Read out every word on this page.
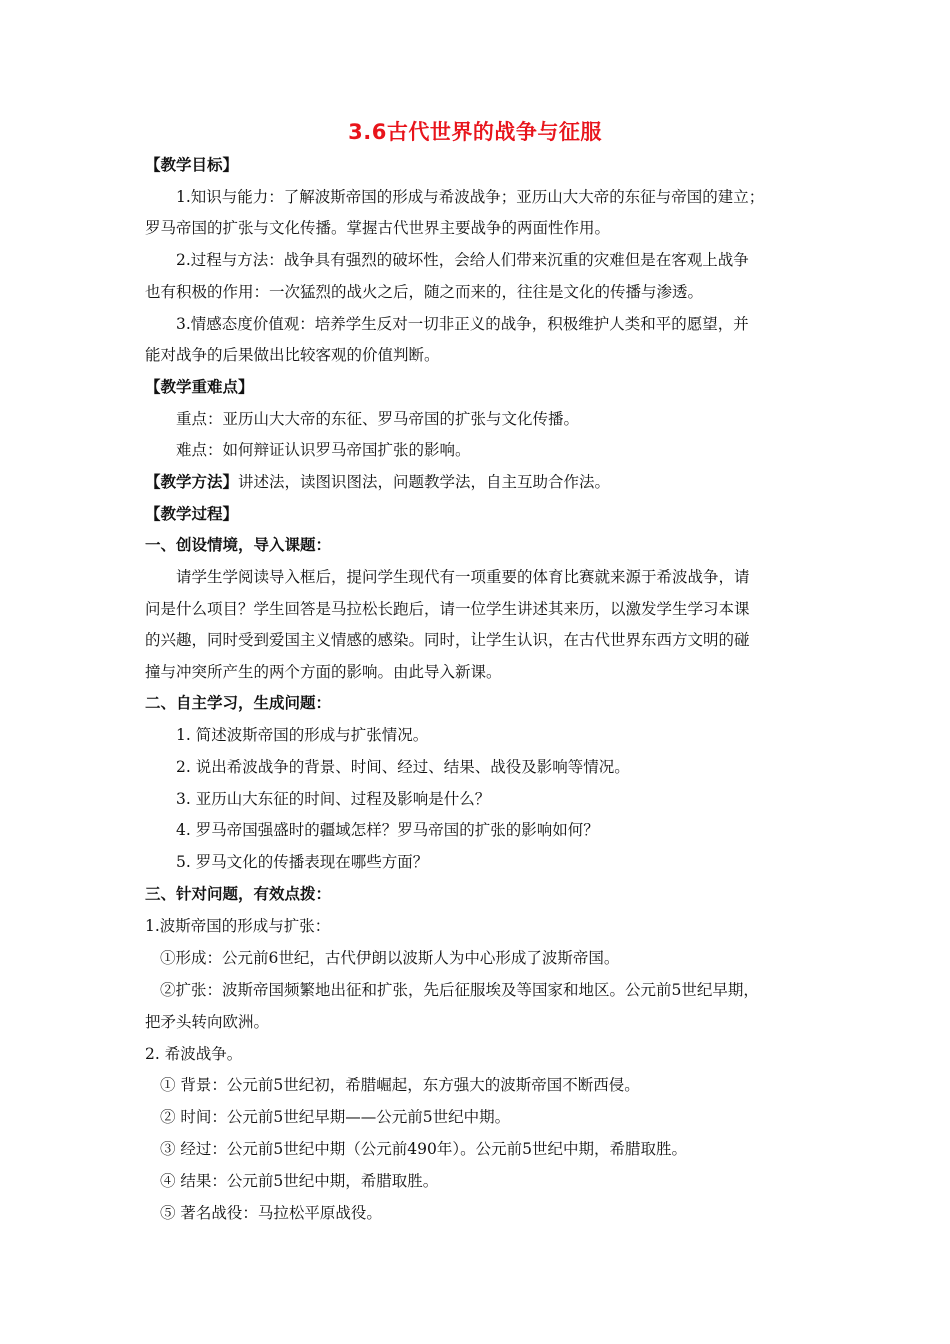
3.6古代世界的战争与征服
【教学目标】
1.知识与能力：了解波斯帝国的形成与希波战争；亚历山大大帝的东征与帝国的建立；
罗马帝国的扩张与文化传播。掌握古代世界主要战争的两面性作用。
2.过程与方法：战争具有强烈的破坏性，会给人们带来沉重的灾难但是在客观上战争
也有积极的作用：一次猛烈的战火之后，随之而来的，往往是文化的传播与渗透。
3.情感态度价值观：培养学生反对一切非正义的战争，积极维护人类和平的愿望，并
能对战争的后果做出比较客观的价值判断。
【教学重难点】
重点：亚历山大大帝的东征、罗马帝国的扩张与文化传播。
难点：如何辩证认识罗马帝国扩张的影响。
【教学方法】讲述法，读图识图法，问题教学法，自主互助合作法。
【教学过程】
一、创设情境，导入课题：
请学生学阅读导入框后，提问学生现代有一项重要的体育比赛就来源于希波战争，请
问是什么项目？学生回答是马拉松长跑后，请一位学生讲述其来历，以激发学生学习本课
的兴趣，同时受到爱国主义情感的感染。同时，让学生认识，在古代世界东西方文明的碰
撞与冲突所产生的两个方面的影响。由此导入新课。
二、自主学习，生成问题：
1. 简述波斯帝国的形成与扩张情况。
2. 说出希波战争的背景、时间、经过、结果、战役及影响等情况。
3. 亚历山大东征的时间、过程及影响是什么？
4. 罗马帝国强盛时的疆域怎样？罗马帝国的扩张的影响如何？
5. 罗马文化的传播表现在哪些方面？
三、针对问题，有效点拨：
1.波斯帝国的形成与扩张：
①形成：公元前6世纪，古代伊朗以波斯人为中心形成了波斯帝国。
②扩张：波斯帝国频繁地出征和扩张，先后征服埃及等国家和地区。公元前5世纪早期，
把矛头转向欧洲。
2. 希波战争。
① 背景：公元前5世纪初，希腊崛起，东方强大的波斯帝国不断西侵。
② 时间：公元前5世纪早期——公元前5世纪中期。
③ 经过：公元前5世纪中期（公元前490年）。公元前5世纪中期，希腊取胜。
④ 结果：公元前5世纪中期，希腊取胜。
⑤ 著名战役：马拉松平原战役。
